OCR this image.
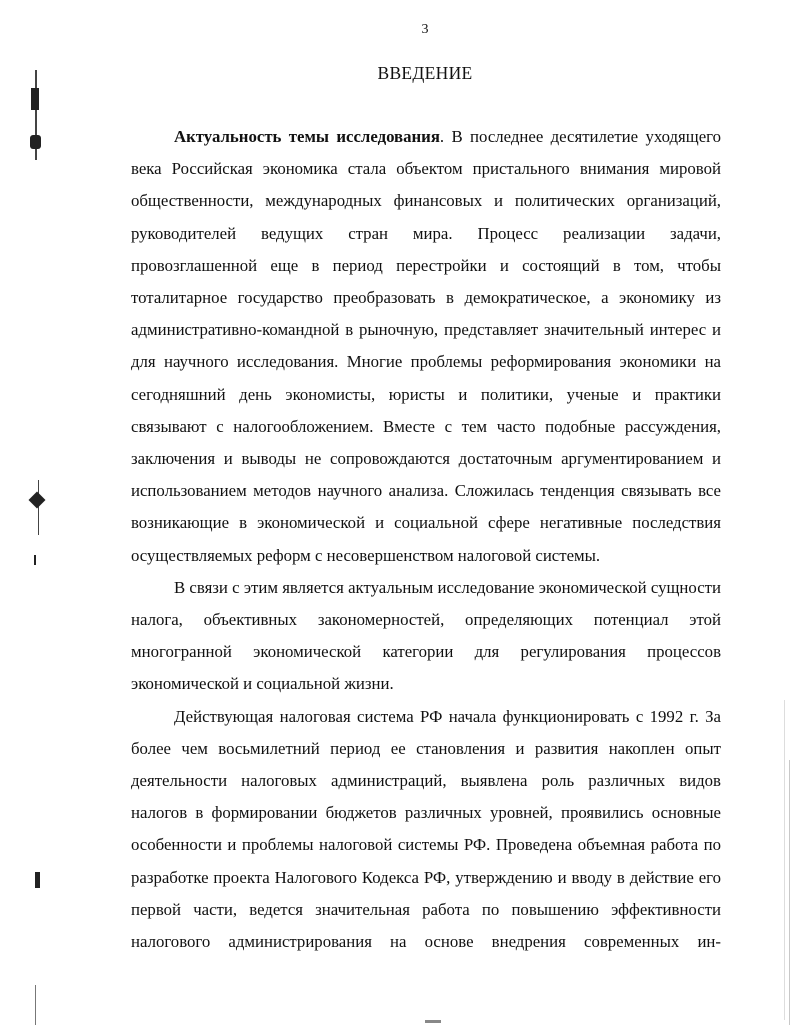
3
ВВЕДЕНИЕ

Актуальность темы исследования. В последнее десятилетие уходящего века Российская экономика стала объектом пристального внимания мировой общественности, международных финансовых и политических организаций, руководителей ведущих стран мира. Процесс реализации задачи, провозглашенной еще в период перестройки и состоящий в том, чтобы тоталитарное государство преобразовать в демократическое, а экономику из административно-командной в рыночную, представляет значительный интерес и для научного исследования. Многие проблемы реформирования экономики на сегодняшний день экономисты, юристы и политики, ученые и практики связывают с налогообложением. Вместе с тем часто подобные рассуждения, заключения и выводы не сопровождаются достаточным аргументированием и использованием методов научного анализа. Сложилась тенденция связывать все возникающие в экономической и социальной сфере негативные последствия осуществляемых реформ с несовершенством налоговой системы.

В связи с этим является актуальным исследование экономической сущности налога, объективных закономерностей, определяющих потенциал этой многогранной экономической категории для регулирования процессов экономической и социальной жизни.

Действующая налоговая система РФ начала функционировать с 1992 г. За более чем восьмилетний период ее становления и развития накоплен опыт деятельности налоговых администраций, выявлена роль различных видов налогов в формировании бюджетов различных уровней, проявились основные особенности и проблемы налоговой системы РФ. Проведена объемная работа по разработке проекта Налогового Кодекса РФ, утверждению и вводу в действие его первой части, ведется значительная работа по повышению эффективности налогового администрирования на основе внедрения современных ин-
